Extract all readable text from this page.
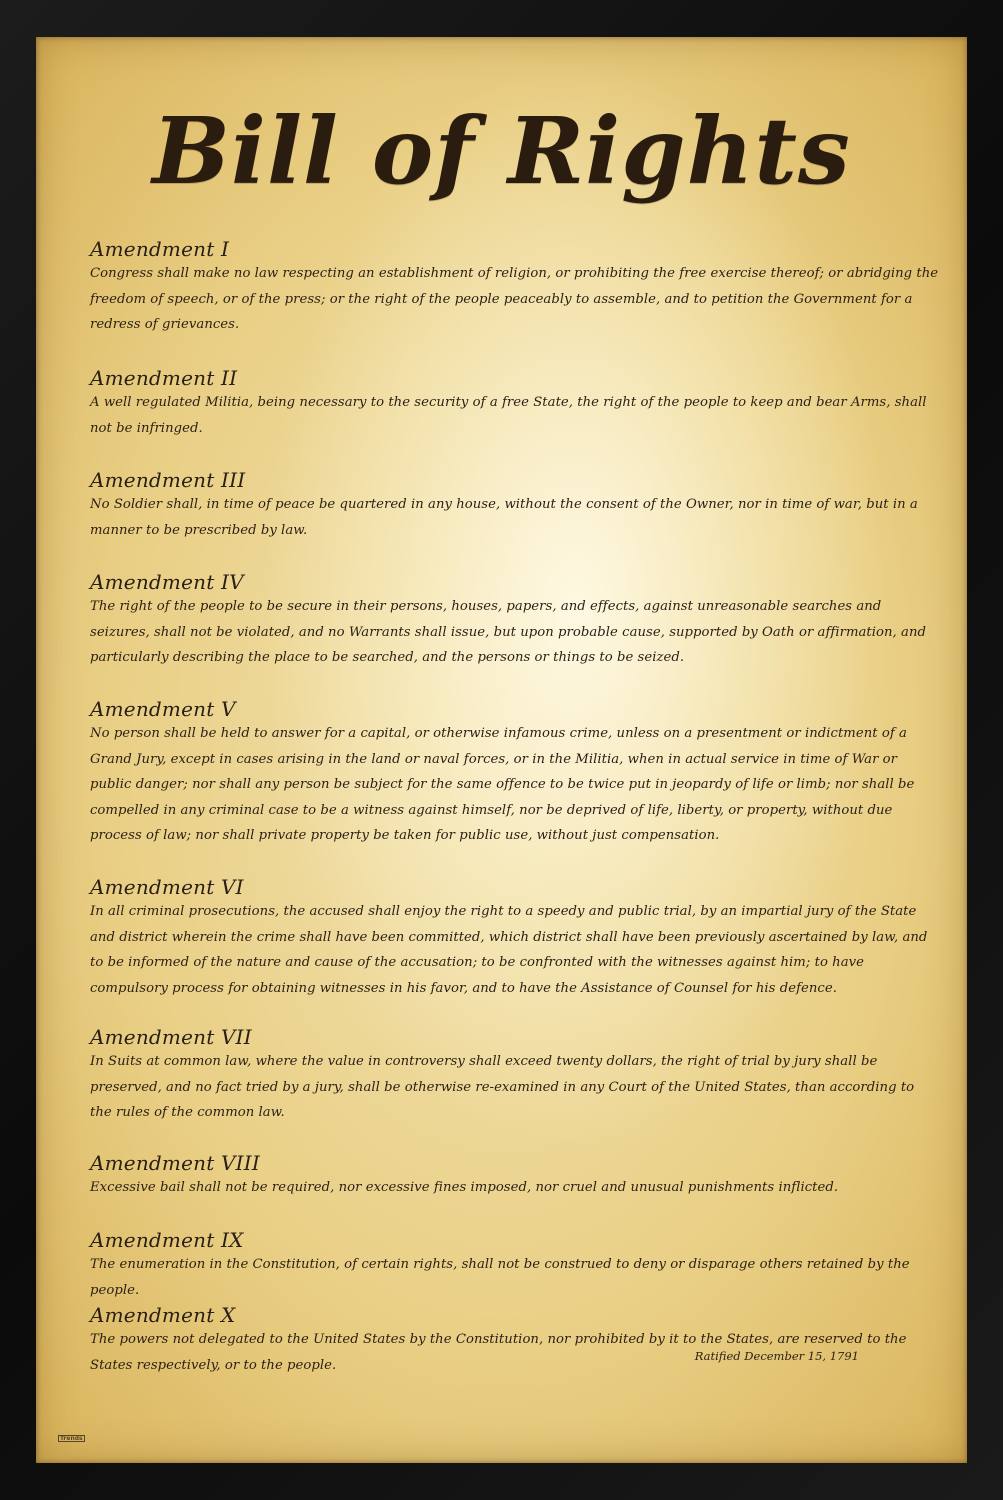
Bill of Rights
Amendment I

Congress shall make no law respecting an establishment of religion, or prohibiting the free exercise thereof; or abridging the freedom of speech, or of the press; or the right of the people peaceably to assemble, and to petition the Government for a redress of grievances.

Amendment II

A well regulated Militia, being necessary to the security of a free State, the right of the people to keep and bear Arms, shall not be infringed.

Amendment III

No Soldier shall, in time of peace be quartered in any house, without the consent of the Owner, nor in time of war, but in a manner to be prescribed by law.

Amendment IV

The right of the people to be secure in their persons, houses, papers, and effects, against unreasonable searches and seizures, shall not be violated, and no Warrants shall issue, but upon probable cause, supported by Oath or affirmation, and particularly describing the place to be searched, and the persons or things to be seized.

Amendment V

No person shall be held to answer for a capital, or otherwise infamous crime, unless on a presentment or indictment of a Grand Jury, except in cases arising in the land or naval forces, or in the Militia, when in actual service in time of War or public danger; nor shall any person be subject for the same offence to be twice put in jeopardy of life or limb; nor shall be compelled in any criminal case to be a witness against himself, nor be deprived of life, liberty, or property, without due process of law; nor shall private property be taken for public use, without just compensation.

Amendment VI

In all criminal prosecutions, the accused shall enjoy the right to a speedy and public trial, by an impartial jury of the State and district wherein the crime shall have been committed, which district shall have been previously ascertained by law, and to be informed of the nature and cause of the accusation; to be confronted with the witnesses against him; to have compulsory process for obtaining witnesses in his favor, and to have the Assistance of Counsel for his defence.

Amendment VII

In Suits at common law, where the value in controversy shall exceed twenty dollars, the right of trial by jury shall be preserved, and no fact tried by a jury, shall be otherwise re-examined in any Court of the United States, than according to the rules of the common law.

Amendment VIII

Excessive bail shall not be required, nor excessive fines imposed, nor cruel and unusual punishments inflicted.

Amendment IX

The enumeration in the Constitution, of certain rights, shall not be construed to deny or disparage others retained by the people.

Amendment X

The powers not delegated to the United States by the Constitution, nor prohibited by it to the States, are reserved to the States respectively, or to the people.

Ratified December 15, 1791
Trends
